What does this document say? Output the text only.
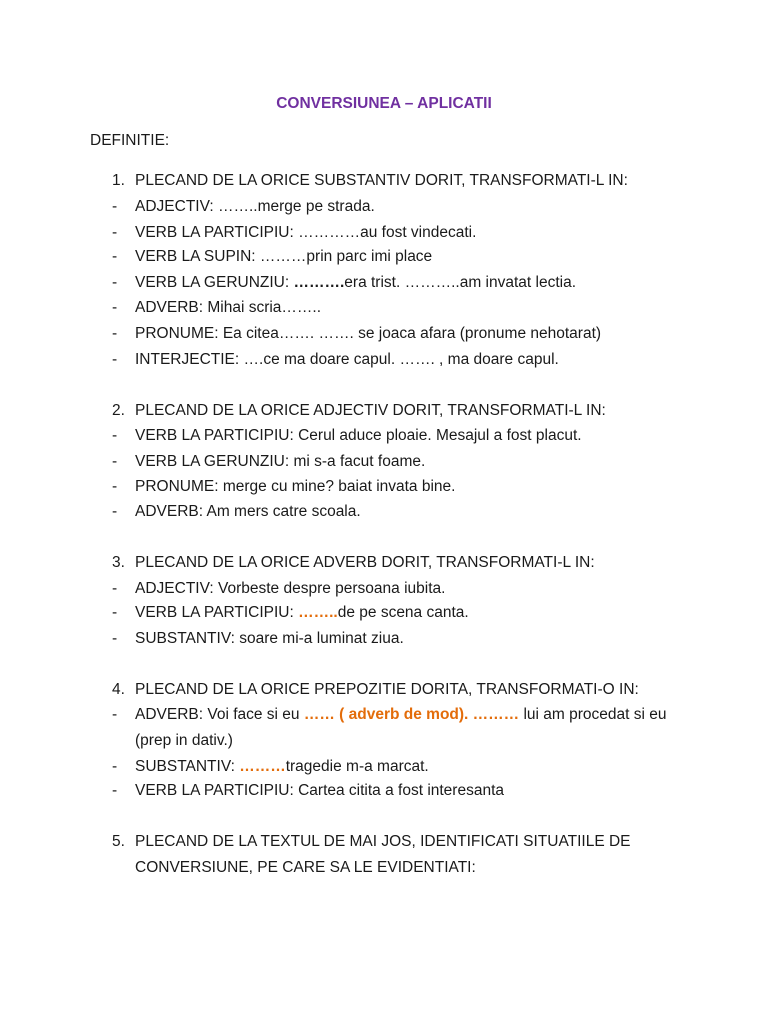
CONVERSIUNEA – APLICATII
DEFINITIE:
1. PLECAND DE LA ORICE SUBSTANTIV DORIT, TRANSFORMATI-L IN:
- ADJECTIV: ……..merge pe strada.
- VERB LA PARTICIPIU: …………au fost vindecati.
- VERB LA SUPIN: ………prin parc imi place
- VERB LA GERUNZIU: ……….era trist. ………..am invatat lectia.
- ADVERB: Mihai scria……..
- PRONUME: Ea citea……. ……. se joaca afara (pronume nehotarat)
- INTERJECTIE: ….ce ma doare capul. ……. , ma doare capul.
2. PLECAND DE LA ORICE ADJECTIV DORIT, TRANSFORMATI-L IN:
- VERB LA PARTICIPIU: Cerul aduce ploaie. Mesajul a fost placut.
- VERB LA GERUNZIU: mi s-a facut foame.
- PRONUME: merge cu mine? baiat invata bine.
- ADVERB: Am mers catre scoala.
3. PLECAND DE LA ORICE ADVERB DORIT, TRANSFORMATI-L IN:
- ADJECTIV: Vorbeste despre persoana iubita.
- VERB LA PARTICIPIU: ……..de pe scena canta.
- SUBSTANTIV: soare mi-a luminat ziua.
4. PLECAND DE LA ORICE PREPOZITIE DORITA, TRANSFORMATI-O IN:
- ADVERB: Voi face si eu …… ( adverb de mod). ……… lui am procedat si eu
(prep in dativ.)
- SUBSTANTIV: ………tragedie m-a marcat.
- VERB LA PARTICIPIU: Cartea citita a fost interesanta
5. PLECAND DE LA TEXTUL DE MAI JOS, IDENTIFICATI SITUATIILE DE
CONVERSIUNE, PE CARE SA LE EVIDENTIATI:
